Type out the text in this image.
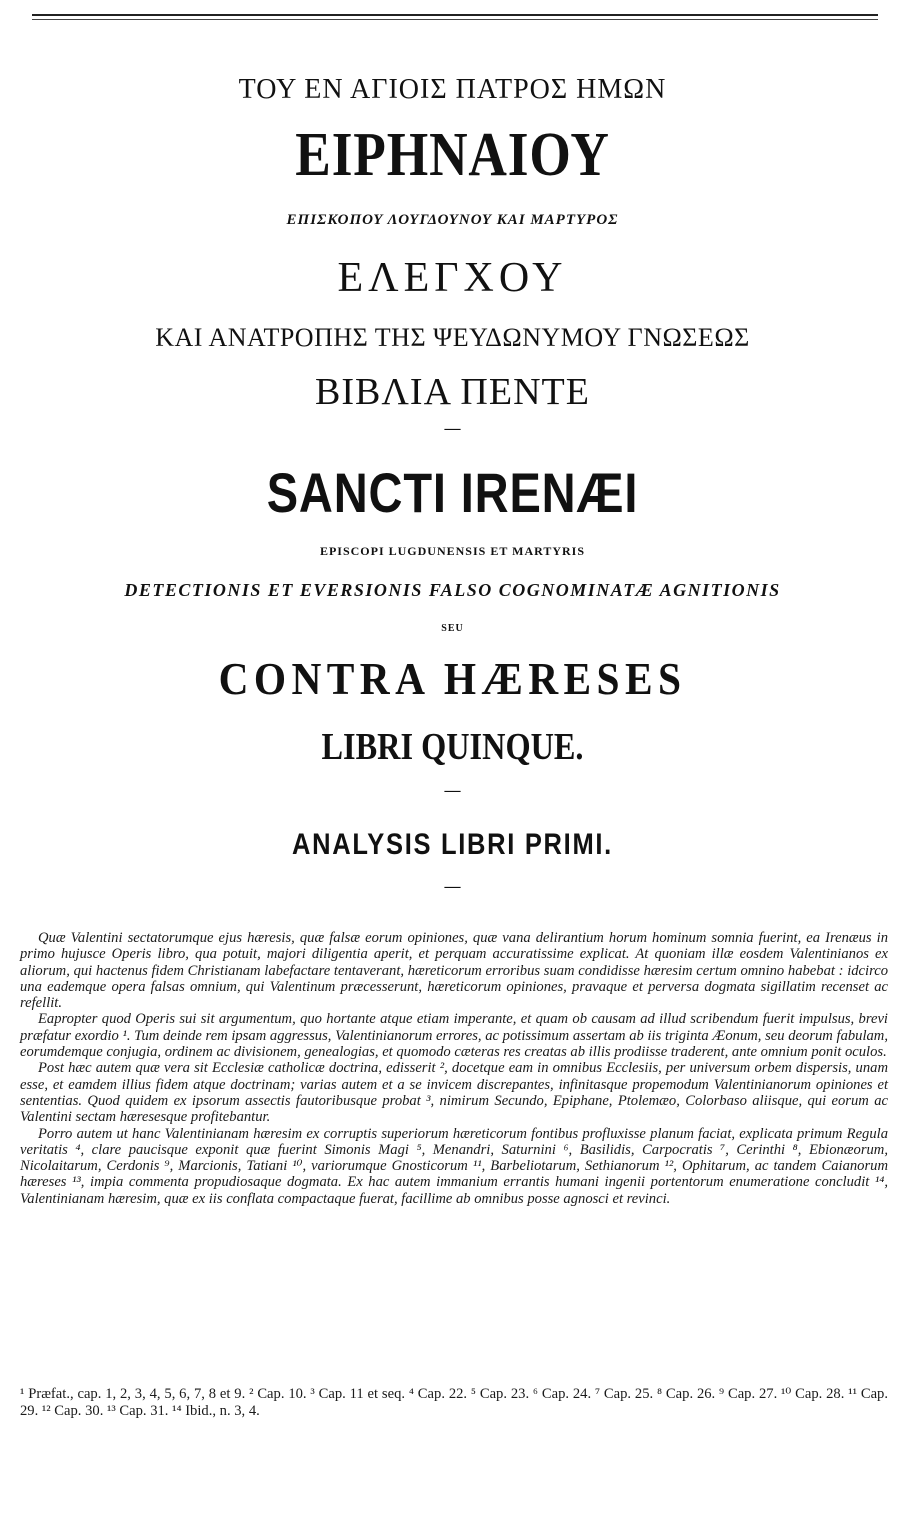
ΤΟΥ ΕΝ ΑΓΙΟΙΣ ΠΑΤΡΟΣ ΗΜΩΝ
ΕΙΡΗΝΑΙΟΥ
ΕΠΙΣΚΟΠΟΥ ΛΟΥΓΔΟΥΝΟΥ ΚΑΙ ΜΑΡΤΥΡΟΣ
ΕΛΕΓΧΟΥ
ΚΑΙ ΑΝΑΤΡΟΠΗΣ ΤΗΣ ΨΕΥΔΩΝΥΜΟΥ ΓΝΩΣΕΩΣ
ΒΙΒΛΙΑ ΠΕΝΤΕ
—
SANCTI IRENÆI
EPISCOPI LUGDUNENSIS ET MARTYRIS
DETECTIONIS ET EVERSIONIS FALSO COGNOMINATÆ AGNITIONIS
SEU
CONTRA HÆRESES
LIBRI QUINQUE.
—
ANALYSIS LIBRI PRIMI.
—

Quæ Valentini sectatorumque ejus hæresis, quæ falsæ eorum opiniones, quæ vana delirantium horum hominum somnia fuerint, ea Irenæus in primo hujusce Operis libro, qua potuit, majori diligentia aperit, et perquam accuratissime explicat. At quoniam illæ eosdem Valentinianos ex aliorum, qui hactenus fidem Christianam labefactare tentaverant, hæreticorum erroribus suam condidisse hæresim certum omnino habebat : idcirco una eademque opera falsas omnium, qui Valentinum præcesserunt, hæreticorum opiniones, pravaque et perversa dogmata sigillatim recenset ac refellit.

Eapropter quod Operis sui sit argumentum, quo hortante atque etiam imperante, et quam ob causam ad illud scribendum fuerit impulsus, brevi præfatur exordio ¹. Tum deinde rem ipsam aggressus, Valentinianorum errores, ac potissimum assertam ab iis triginta Æonum, seu deorum fabulam, eorumdemque conjugia, ordinem ac divisionem, genealogias, et quomodo cæteras res creatas ab illis prodiisse traderent, ante omnium ponit oculos.

Post hæc autem quæ vera sit Ecclesiæ catholicæ doctrina, edisserit ², docetque eam in omnibus Ecclesiis, per universum orbem dispersis, unam esse, et eamdem illius fidem atque doctrinam; varias autem et a se invicem discrepantes, infinitasque propemodum Valentinianorum opiniones et sententias. Quod quidem ex ipsorum assectis fautoribusque probat ³, nimirum Secundo, Epiphane, Ptolemæo, Colorbaso aliisque, qui eorum ac Valentini sectam hæresesque profitebantur.

Porro autem ut hanc Valentinianam hæresim ex corruptis superiorum hæreticorum fontibus profluxisse planum faciat, explicata primum Regula veritatis ⁴, clare paucisque exponit quæ fuerint Simonis Magi ⁵, Menandri, Saturnini ⁶, Basilidis, Carpocratis ⁷, Cerinthi ⁸, Ebionæorum, Nicolaitarum, Cerdonis ⁹, Marcionis, Tatiani ¹⁰, variorumque Gnosticorum ¹¹, Barbeliotarum, Sethianorum ¹², Ophitarum, ac tandem Caianorum hæreses ¹³, impia commenta propudiosaque dogmata. Ex hac autem immanium errantis humani ingenii portentorum enumeratione concludit ¹⁴, Valentinianam hæresim, quæ ex iis conflata compactaque fuerat, facillime ab omnibus posse agnosci et revinci.

¹ Præfat., cap. 1, 2, 3, 4, 5, 6, 7, 8 et 9. ² Cap. 10. ³ Cap. 11 et seq. ⁴ Cap. 22. ⁵ Cap. 23. ⁶ Cap. 24. ⁷ Cap. 25. ⁸ Cap. 26. ⁹ Cap. 27. ¹⁰ Cap. 28. ¹¹ Cap. 29. ¹² Cap. 30. ¹³ Cap. 31. ¹⁴ Ibid., n. 3, 4.
